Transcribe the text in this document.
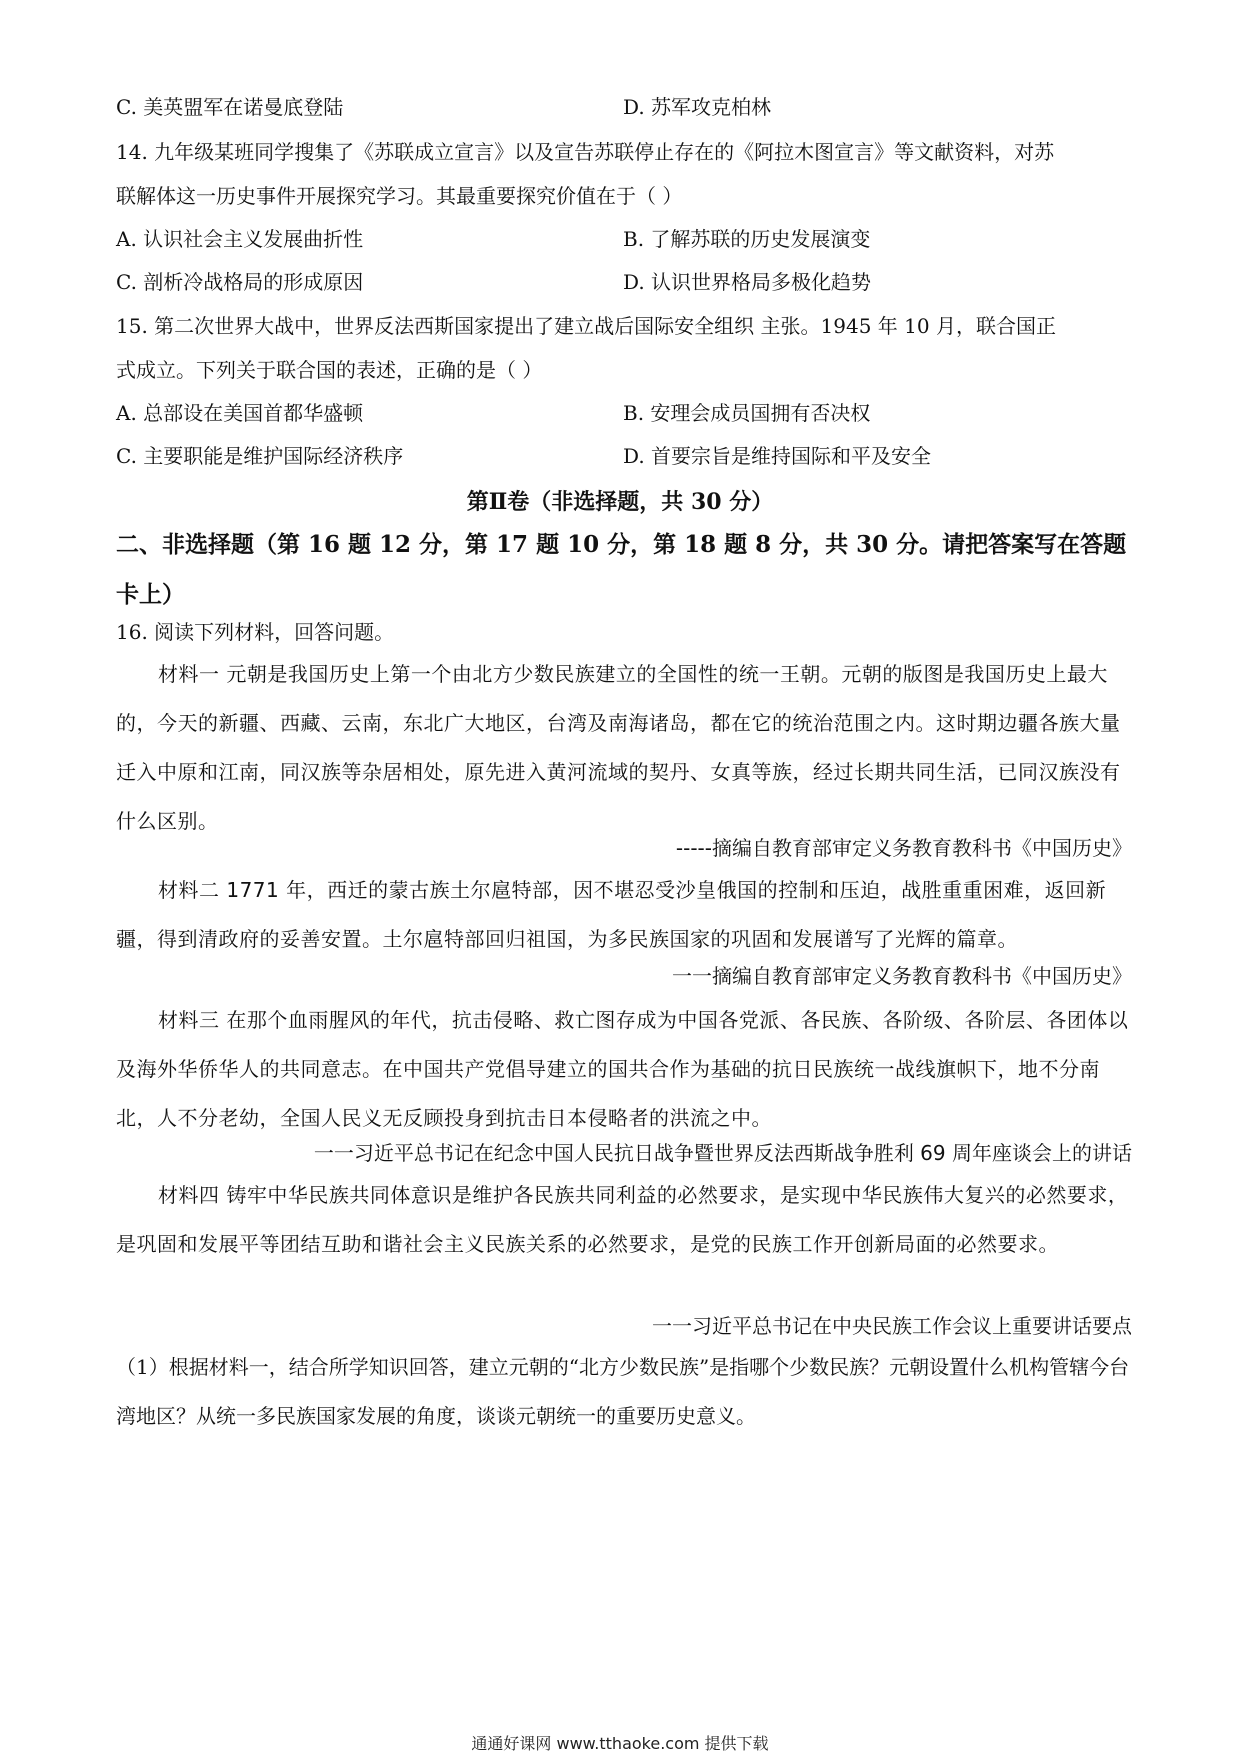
C. 美英盟军在诺曼底登陆	D. 苏军攻克柏林
14. 九年级某班同学搜集了《苏联成立宣言》以及宣告苏联停止存在的《阿拉木图宣言》等文献资料，对苏
联解体这一历史事件开展探究学习。其最重要探究价值在于（ ）
A. 认识社会主义发展曲折性	B. 了解苏联的历史发展演变
C. 剖析冷战格局的形成原因	D. 认识世界格局多极化趋势
15. 第二次世界大战中，世界反法西斯国家提出了建立战后国际安全组织 主张。1945 年 10 月，联合国正
式成立。下列关于联合国的表述，正确的是（ ）
A. 总部设在美国首都华盛顿	B. 安理会成员国拥有否决权
C. 主要职能是维护国际经济秩序	D. 首要宗旨是维持国际和平及安全
第Ⅱ卷（非选择题，共 30 分）
二、非选择题（第 16 题 12 分，第 17 题 10 分，第 18 题 8 分，共 30 分。请把答案写在答题卡上）
16. 阅读下列材料，回答问题。
材料一 元朝是我国历史上第一个由北方少数民族建立的全国性的统一王朝。元朝的版图是我国历史上最大的，今天的新疆、西藏、云南，东北广大地区，台湾及南海诸岛，都在它的统治范围之内。这时期边疆各族大量迁入中原和江南，同汉族等杂居相处，原先进入黄河流域的契丹、女真等族，经过长期共同生活，已同汉族没有什么区别。
-----摘编自教育部审定义务教育教科书《中国历史》
材料二 1771 年，西迁的蒙古族土尔扈特部，因不堪忍受沙皇俄国的控制和压迫，战胜重重困难，返回新疆，得到清政府的妥善安置。土尔扈特部回归祖国，为多民族国家的巩固和发展谱写了光辉的篇章。
一一摘编自教育部审定义务教育教科书《中国历史》
材料三 在那个血雨腥风的年代，抗击侵略、救亡图存成为中国各党派、各民族、各阶级、各阶层、各团体以及海外华侨华人的共同意志。在中国共产党倡导建立的国共合作为基础的抗日民族统一战线旗帜下，地不分南北，人不分老幼，全国人民义无反顾投身到抗击日本侵略者的洪流之中。
一一习近平总书记在纪念中国人民抗日战争暨世界反法西斯战争胜利 69 周年座谈会上的讲话
材料四 铸牢中华民族共同体意识是维护各民族共同利益的必然要求，是实现中华民族伟大复兴的必然要求，是巩固和发展平等团结互助和谐社会主义民族关系的必然要求，是党的民族工作开创新局面的必然要求。
一一习近平总书记在中央民族工作会议上重要讲话要点
（1）根据材料一，结合所学知识回答，建立元朝的“北方少数民族”是指哪个少数民族？元朝设置什么机构管辖今台湾地区？从统一多民族国家发展的角度，谈谈元朝统一的重要历史意义。
通通好课网 www.tthaoke.com 提供下载
